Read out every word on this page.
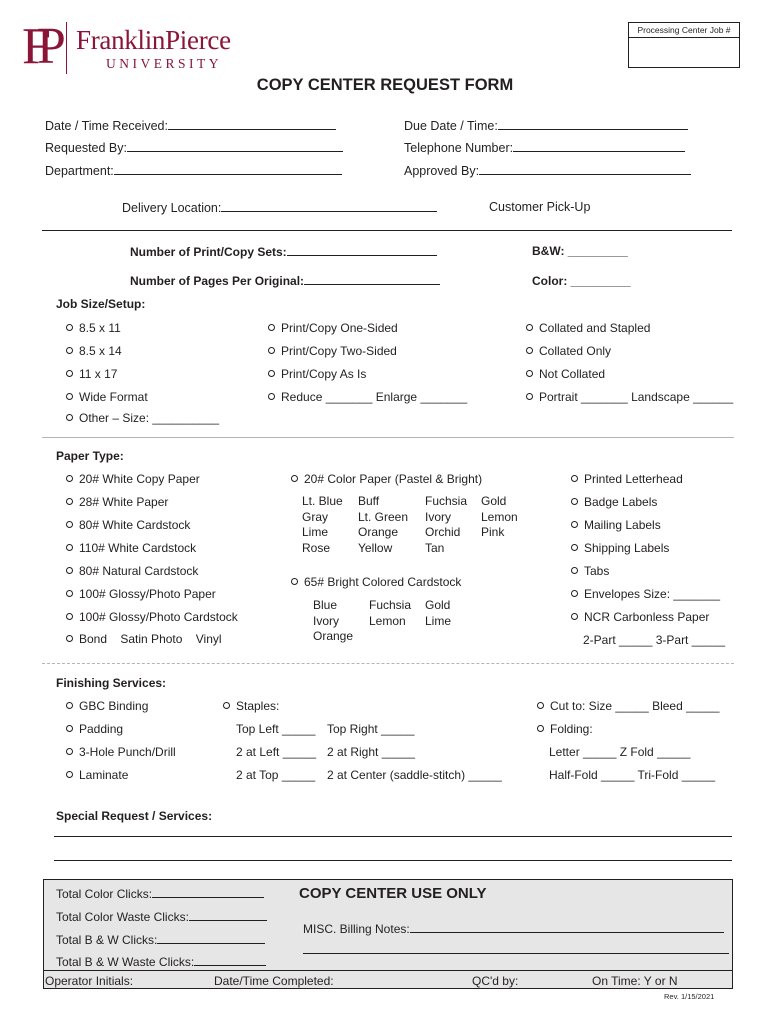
FP FranklinPierce
UNIVERSITY
Processing Center Job #
COPY CENTER REQUEST FORM
Date / Time Received:	Due Date / Time:
Requested By:	Telephone Number:
Department:	Approved By:
Delivery Location:	Customer Pick-Up
Number of Print/Copy Sets:	B&W: _________
Number of Pages Per Original:	Color: _________
Job Size/Setup:
8.5 x 11
8.5 x 14
11 x 17
Wide Format
Other – Size: __________
Print/Copy One-Sided
Print/Copy Two-Sided
Print/Copy As Is
Reduce _______ Enlarge _______
Collated and Stapled
Collated Only
Not Collated
Portrait _______ Landscape ______
Paper Type:
20# White Copy Paper
28# White Paper
80# White Cardstock
110# White Cardstock
80# Natural Cardstock
100# Glossy/Photo Paper
100# Glossy/Photo Cardstock
Bond Satin Photo Vinyl
20# Color Paper (Pastel & Bright)
Lt. Blue	Buff	Fuchsia	Gold
Gray	Lt. Green	Ivory	Lemon
Lime	Orange	Orchid	Pink
Rose	Yellow	Tan
65# Bright Colored Cardstock
Blue	Fuchsia	Gold
Ivory	Lemon	Lime
Orange
Printed Letterhead
Badge Labels
Mailing Labels
Shipping Labels
Tabs
Envelopes Size: _______
NCR Carbonless Paper
2-Part _____ 3-Part _____
Finishing Services:
GBC Binding
Padding
3-Hole Punch/Drill
Laminate
Staples:
Top Left _____ Top Right _____
2 at Left _____ 2 at Right _____
2 at Top _____ 2 at Center (saddle-stitch) _____
Cut to: Size _____ Bleed _____
Folding:
Letter _____ Z Fold _____
Half-Fold _____ Tri-Fold _____
Special Request / Services:
Total Color Clicks:
Total Color Waste Clicks:
Total B & W Clicks:
Total B & W Waste Clicks:
COPY CENTER USE ONLY
MISC. Billing Notes:
Operator Initials:	Date/Time Completed:	QC'd by:	On Time: Y or N
Rev. 1/15/2021
